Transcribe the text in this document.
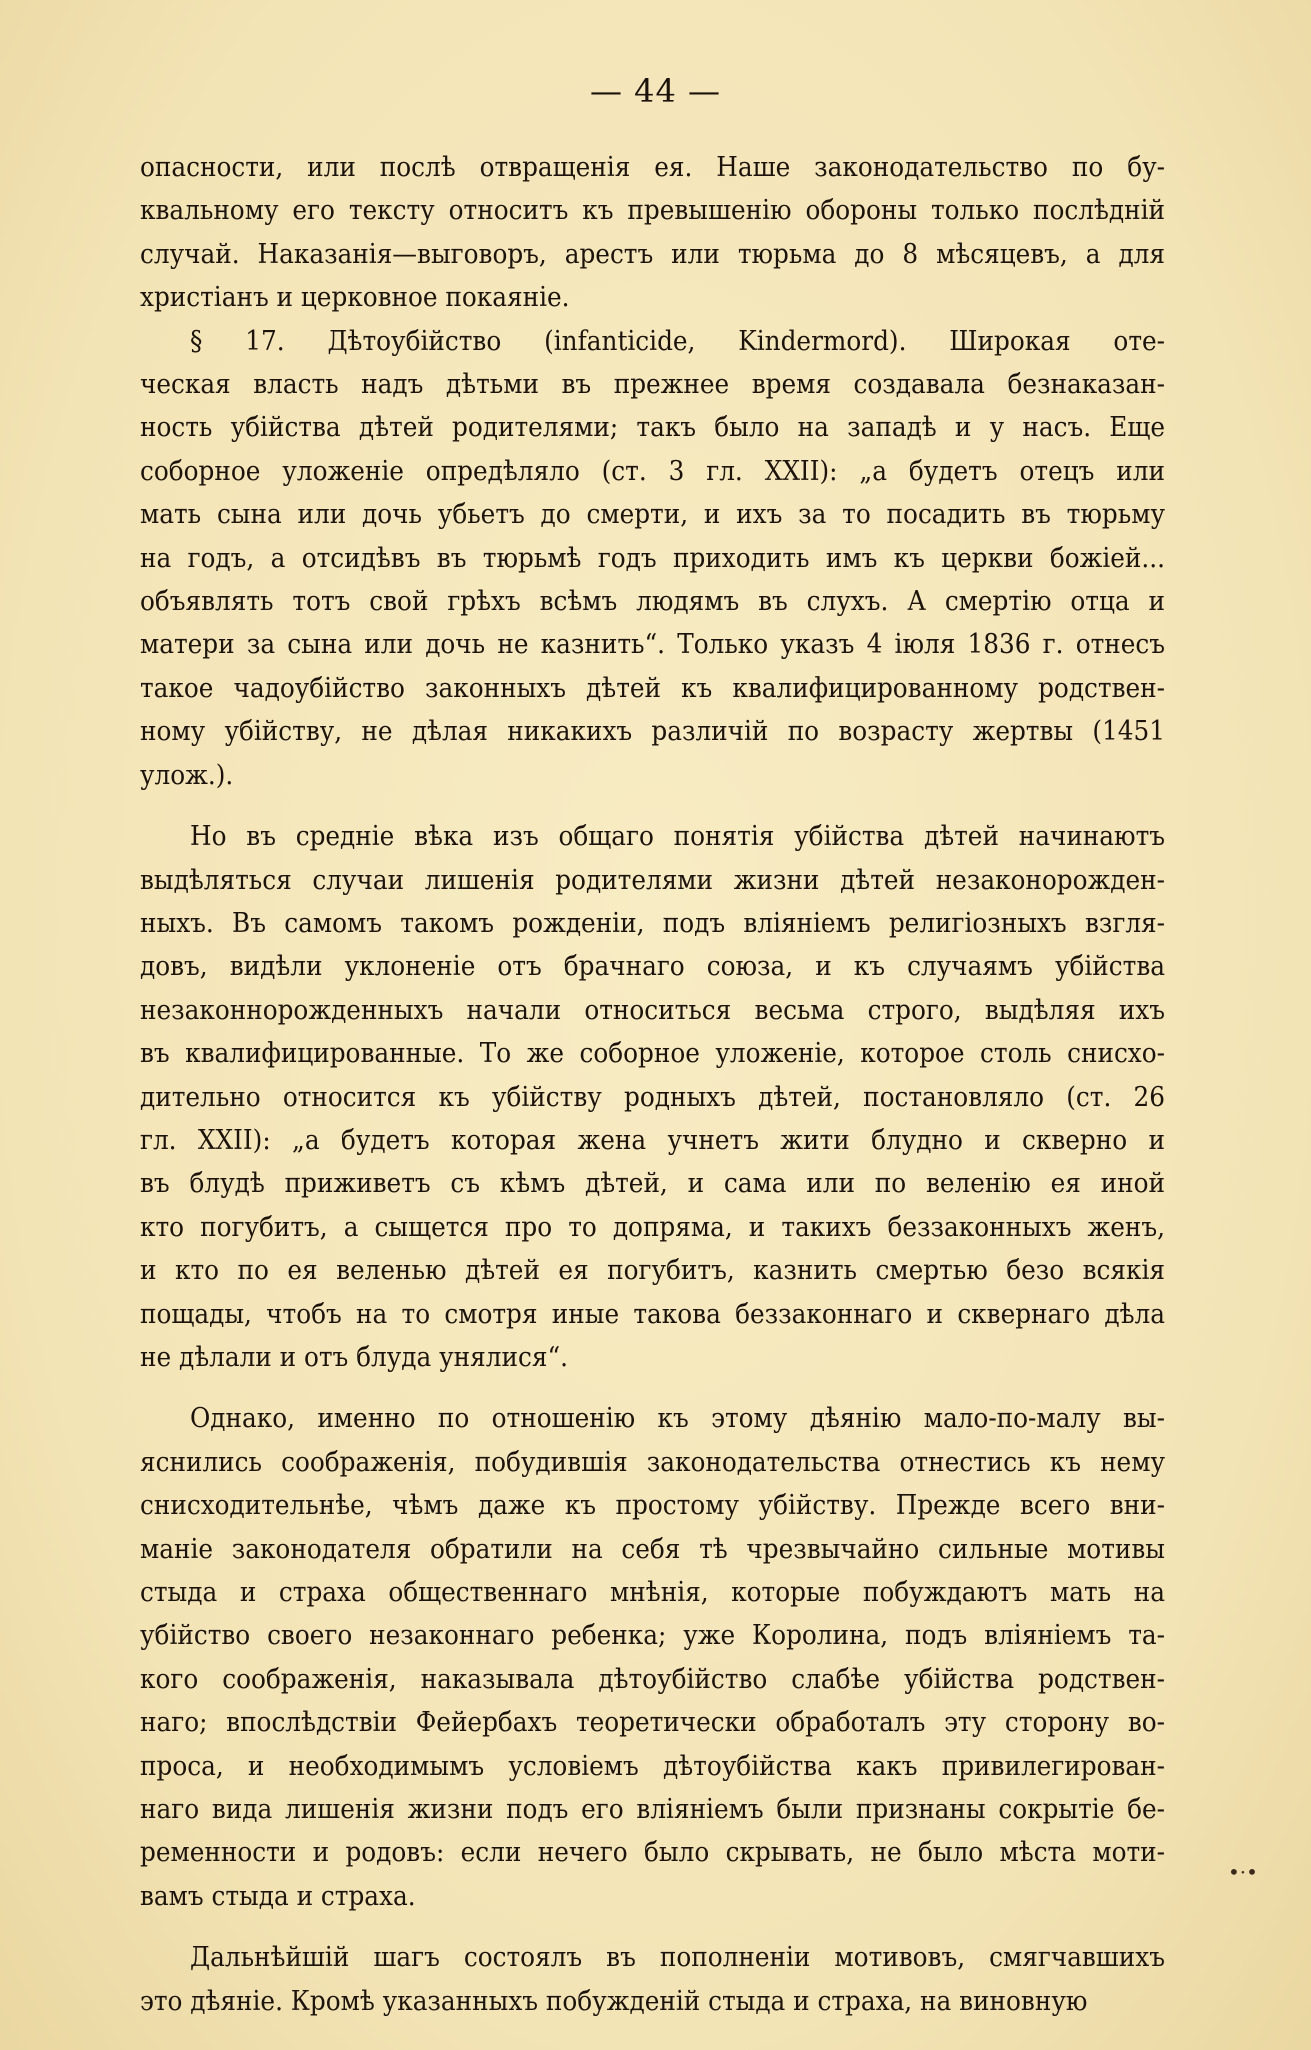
— 44 —
опасности, или послѣ отвращенія ея. Наше законодательство по бу-
квальному его тексту относитъ къ превышенію обороны только послѣдній
случай. Наказанія—выговоръ, арестъ или тюрьма до 8 мѣсяцевъ, а для
христіанъ и церковное покаяніе.
§ 17. Дѣтоубійство (infanticide, Kindermord). Широкая оте-
ческая власть надъ дѣтьми въ прежнее время создавала безнаказан-
ность убійства дѣтей родителями; такъ было на западѣ и у насъ. Еще
соборное уложеніе опредѣляло (ст. 3 гл. XXII): „а будетъ отецъ или
мать сына или дочь убьетъ до смерти, и ихъ за то посадить въ тюрьму
на годъ, а отсидѣвъ въ тюрьмѣ годъ приходить имъ къ церкви божіей...
объявлять тотъ свой грѣхъ всѣмъ людямъ въ слухъ. А смертію отца и
матери за сына или дочь не казнить“. Только указъ 4 іюля 1836 г. отнесъ
такое чадоубійство законныхъ дѣтей къ квалифицированному родствен-
ному убійству, не дѣлая никакихъ различій по возрасту жертвы (1451
улож.).
Но въ средніе вѣка изъ общаго понятія убійства дѣтей начинаютъ
выдѣляться случаи лишенія родителями жизни дѣтей незаконорожден-
ныхъ. Въ самомъ такомъ рожденіи, подъ вліяніемъ религіозныхъ взгля-
довъ, видѣли уклоненіе отъ брачнаго союза, и къ случаямъ убійства
незаконнорожденныхъ начали относиться весьма строго, выдѣляя ихъ
въ квалифицированные. То же соборное уложеніе, которое столь снисхо-
дительно относится къ убійству родныхъ дѣтей, постановляло (ст. 26
гл. XXII): „а будетъ которая жена учнетъ жити блудно и скверно и
въ блудѣ приживетъ съ кѣмъ дѣтей, и сама или по веленію ея иной
кто погубитъ, а сыщется про то допряма, и такихъ беззаконныхъ женъ,
и кто по ея веленью дѣтей ея погубитъ, казнить смертью безо всякія
пощады, чтобъ на то смотря иные такова беззаконнаго и сквернаго дѣла
не дѣлали и отъ блуда унялися“.
Однако, именно по отношенію къ этому дѣянію мало-по-малу вы-
яснились соображенія, побудившія законодательства отнестись къ нему
снисходительнѣе, чѣмъ даже къ простому убійству. Прежде всего вни-
маніе законодателя обратили на себя тѣ чрезвычайно сильные мотивы
стыда и страха общественнаго мнѣнія, которые побуждаютъ мать на
убійство своего незаконнаго ребенка; уже Королина, подъ вліяніемъ та-
кого соображенія, наказывала дѣтоубійство слабѣе убійства родствен-
наго; впослѣдствіи Фейербахъ теоретически обработалъ эту сторону во-
проса, и необходимымъ условіемъ дѣтоубійства какъ привилегирован-
наго вида лишенія жизни подъ его вліяніемъ были признаны сокрытіе бе-
ременности и родовъ: если нечего было скрывать, не было мѣста моти-
вамъ стыда и страха.
Дальнѣйшій шагъ состоялъ въ пополненіи мотивовъ, смягчавшихъ
это дѣяніе. Кромѣ указанныхъ побужденій стыда и страха, на виновную
•·•
